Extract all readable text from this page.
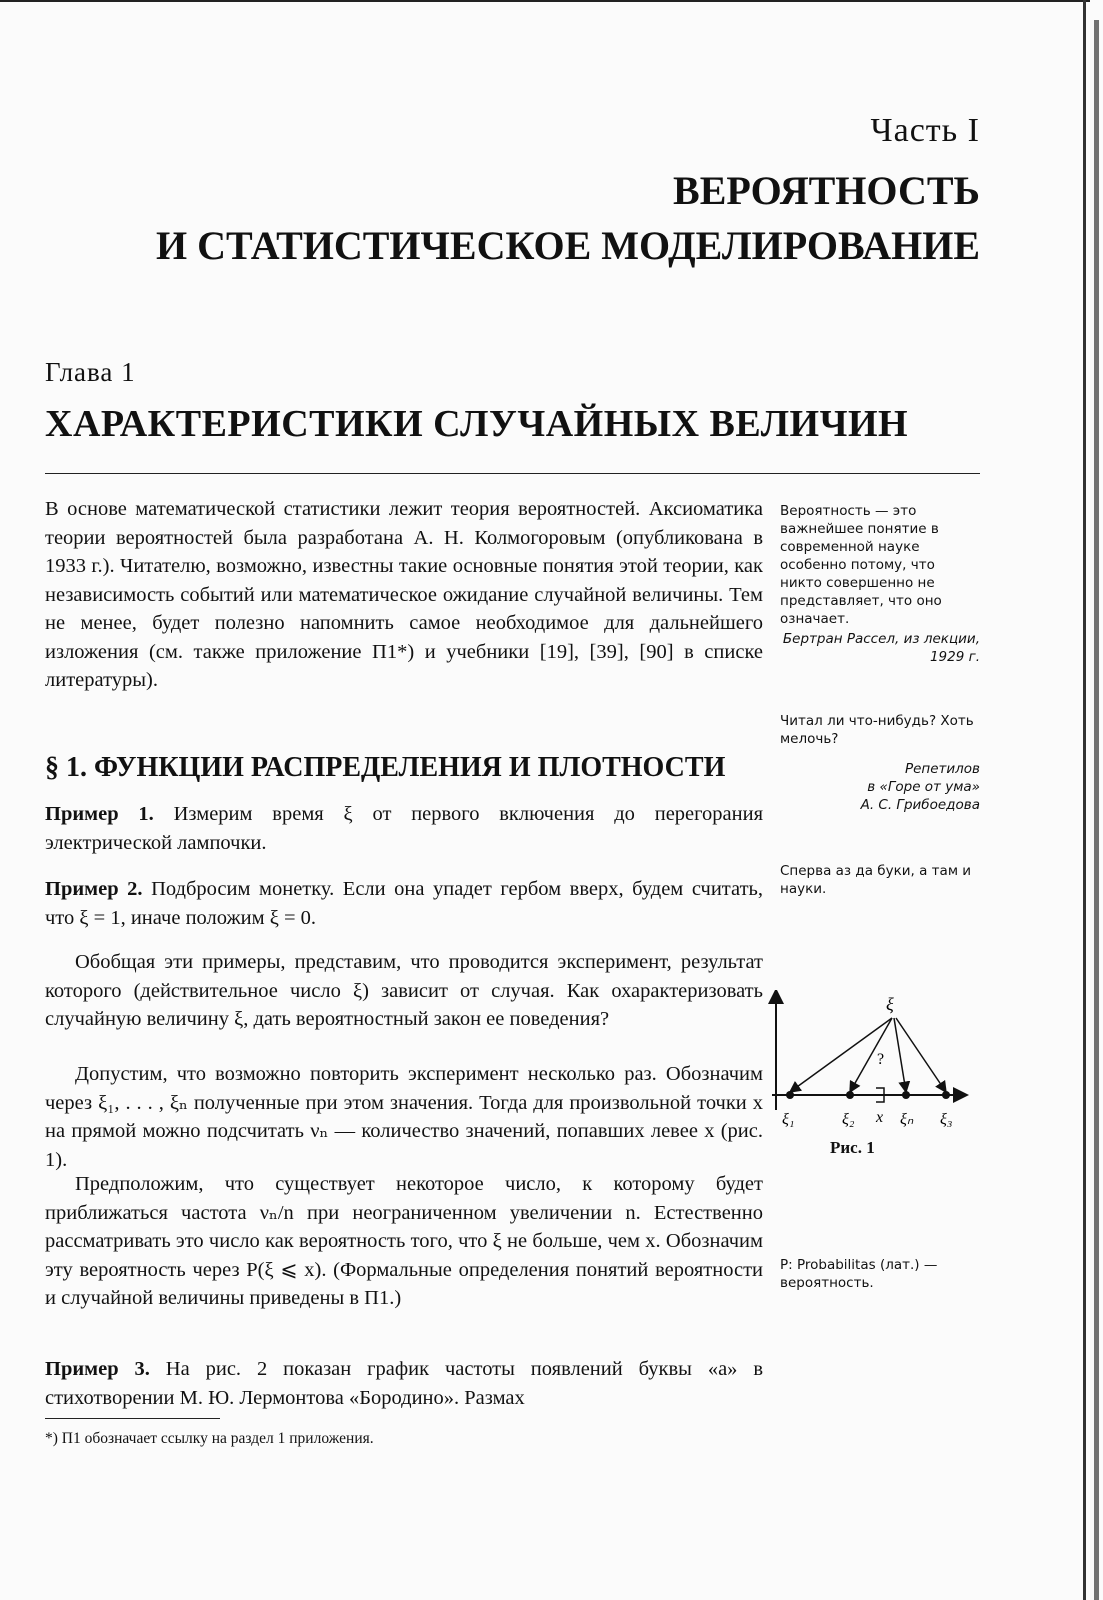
Часть I
ВЕРОЯТНОСТЬ
И СТАТИСТИЧЕСКОЕ МОДЕЛИРОВАНИЕ
Глава 1
ХАРАКТЕРИСТИКИ СЛУЧАЙНЫХ ВЕЛИЧИН

В основе математической статистики лежит теория вероятностей. Аксиоматика теории вероятностей была разработана А. Н. Колмогоровым (опубликована в 1933 г.). Читателю, возможно, известны такие основные понятия этой теории, как независимость событий или математическое ожидание случайной величины. Тем не менее, будет полезно напомнить самое необходимое для дальнейшего изложения (см. также приложение П1*) и учебники [19], [39], [90] в списке литературы).

§ 1. ФУНКЦИИ РАСПРЕДЕЛЕНИЯ И ПЛОТНОСТИ

Пример 1. Измерим время ξ от первого включения до перегорания электрической лампочки.

Пример 2. Подбросим монетку. Если она упадет гербом вверх, будем считать, что ξ = 1, иначе положим ξ = 0.

Обобщая эти примеры, представим, что проводится эксперимент, результат которого (действительное число ξ) зависит от случая. Как охарактеризовать случайную величину ξ, дать вероятностный закон ее поведения?

Допустим, что возможно повторить эксперимент несколько раз. Обозначим через ξ₁, . . . , ξₙ полученные при этом значения. Тогда для произвольной точки x на прямой можно подсчитать νₙ — количество значений, попавших левее x (рис. 1).

Предположим, что существует некоторое число, к которому будет приближаться частота νₙ/n при неограниченном увеличении n. Естественно рассматривать это число как вероятность того, что ξ не больше, чем x. Обозначим эту вероятность через P(ξ ⩽ x). (Формальные определения понятий вероятности и случайной величины приведены в П1.)

Пример 3. На рис. 2 показан график частоты появлений буквы «а» в стихотворении М. Ю. Лермонтова «Бородино». Размах

*) П1 обозначает ссылку на раздел 1 приложения.
Вероятность — это важнейшее понятие в современной науке особенно потому, что никто совершенно не представляет, что оно означает.
Бертран Рассел, из лекции, 1929 г.
Читал ли что-нибудь? Хоть мелочь?
Репетилов
в «Горе от ума»
А. С. Грибоедова
Сперва аз да буки, а там и науки.
P: Probabilitas (лат.) — вероятность.
ξ
?
x
ξ₁	ξ₂	ξₙ ξ₃
Рис. 1
